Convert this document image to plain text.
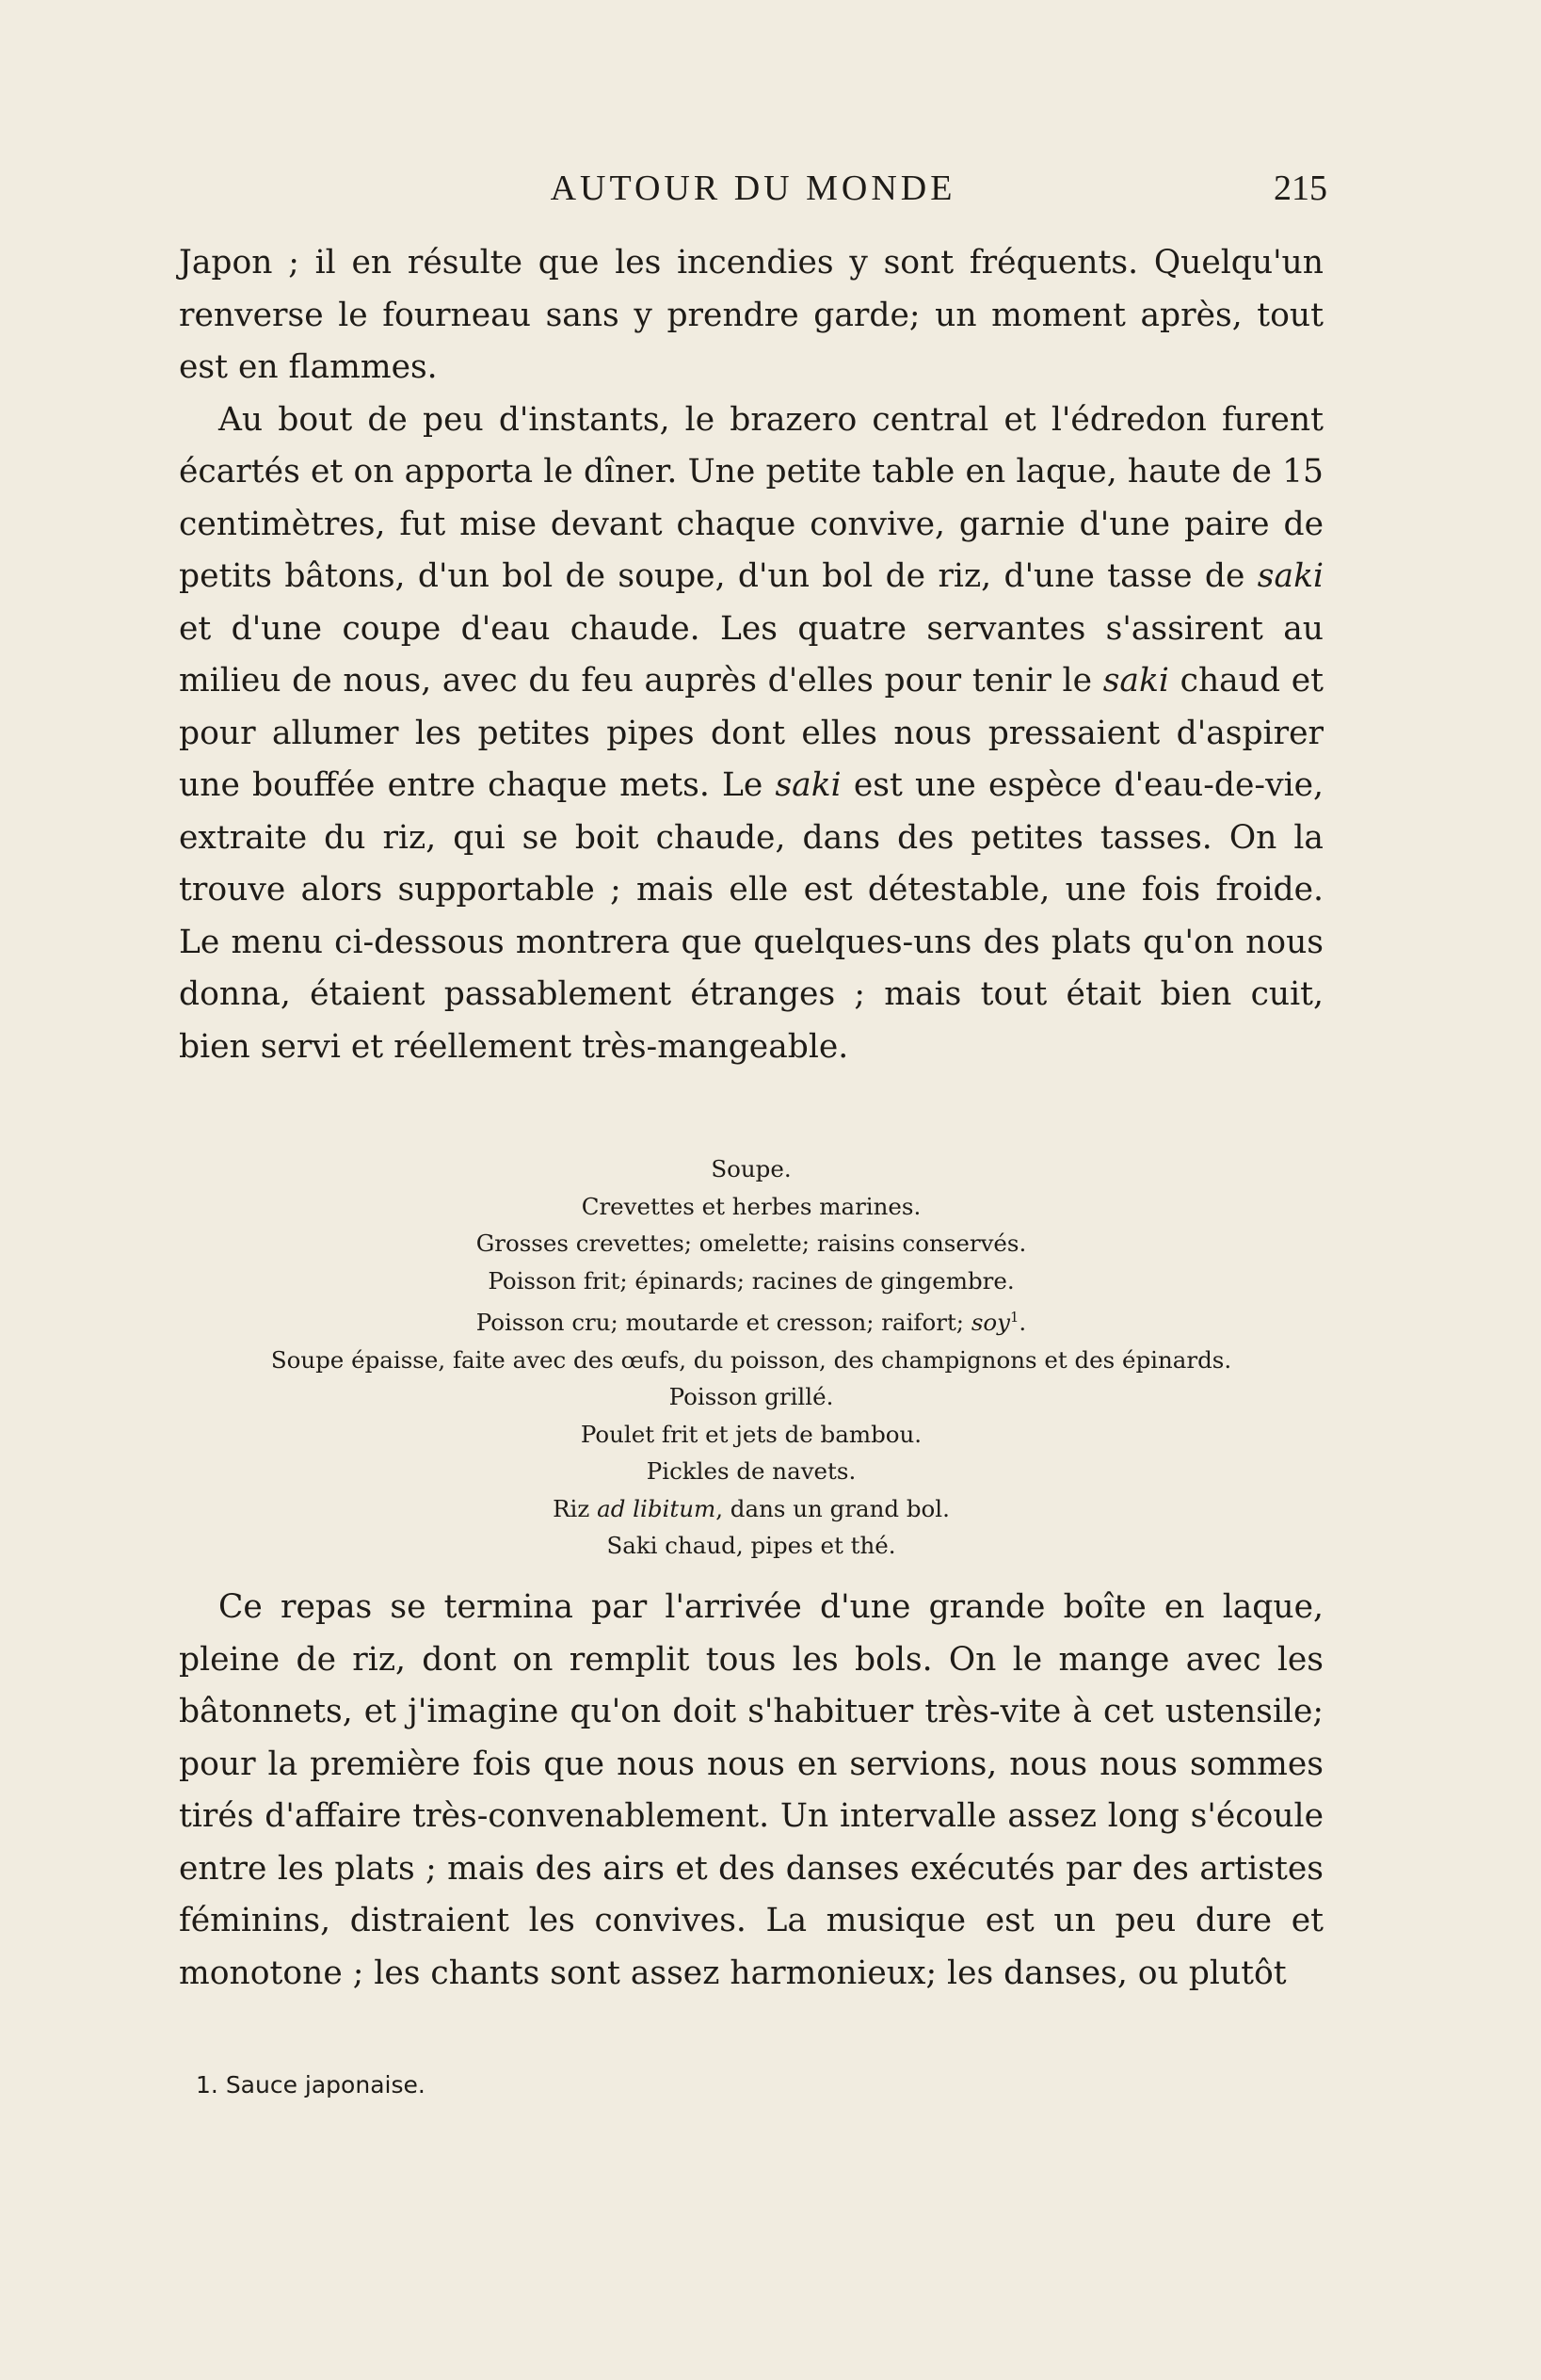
AUTOUR DU MONDE	215

Japon ; il en résulte que les incendies y sont fréquents. Quelqu'un renverse le fourneau sans y prendre garde; un moment après, tout est en flammes.

Au bout de peu d'instants, le brazero central et l'édredon furent écartés et on apporta le dîner. Une petite table en laque, haute de 15 centimètres, fut mise devant chaque convive, garnie d'une paire de petits bâtons, d'un bol de soupe, d'un bol de riz, d'une tasse de saki et d'une coupe d'eau chaude. Les quatre servantes s'assirent au milieu de nous, avec du feu auprès d'elles pour tenir le saki chaud et pour allumer les petites pipes dont elles nous pressaient d'aspirer une bouffée entre chaque mets. Le saki est une espèce d'eau-de-vie, extraite du riz, qui se boit chaude, dans des petites tasses. On la trouve alors supportable ; mais elle est détestable, une fois froide. Le menu ci-dessous montrera que quelques-uns des plats qu'on nous donna, étaient passablement étranges ; mais tout était bien cuit, bien servi et réellement très-mangeable.

Soupe.
Crevettes et herbes marines.
Grosses crevettes; omelette; raisins conservés.
Poisson frit; épinards; racines de gingembre.
Poisson cru; moutarde et cresson; raifort; soy$^1$.
Soupe épaisse, faite avec des œufs, du poisson, des champignons et des épinards.
Poisson grillé.
Poulet frit et jets de bambou.
Pickles de navets.
Riz ad libitum, dans un grand bol.
Saki chaud, pipes et thé.

Ce repas se termina par l'arrivée d'une grande boîte en laque, pleine de riz, dont on remplit tous les bols. On le mange avec les bâtonnets, et j'imagine qu'on doit s'habituer très-vite à cet ustensile; pour la première fois que nous nous en servions, nous nous sommes tirés d'affaire très-convenablement. Un intervalle assez long s'écoule entre les plats ; mais des airs et des danses exécutés par des artistes féminins, distraient les convives. La musique est un peu dure et monotone ; les chants sont assez harmonieux; les danses, ou plutôt

1. Sauce japonaise.
